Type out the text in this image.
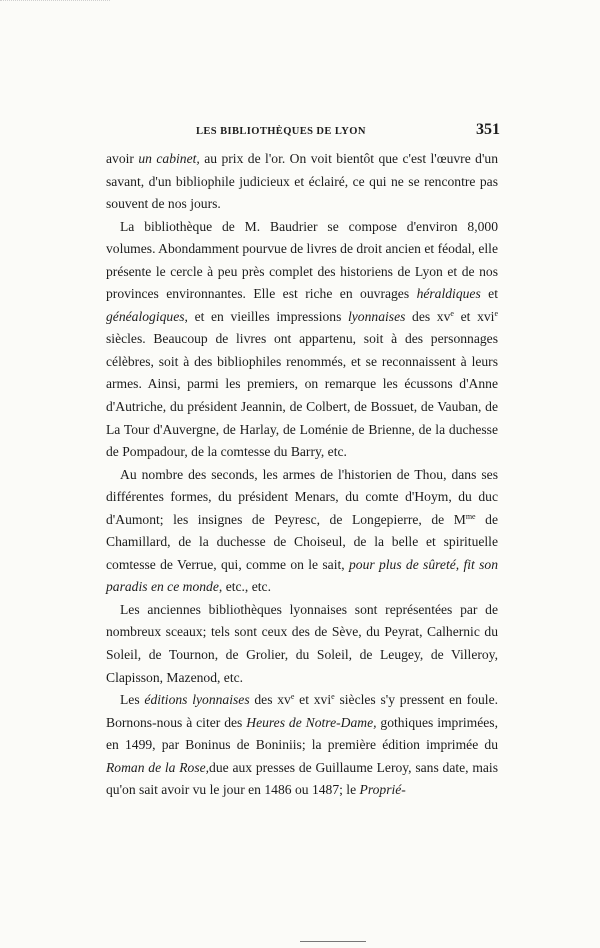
LES BIBLIOTHÈQUES DE LYON	351

avoir un cabinet, au prix de l'or. On voit bientôt que c'est l'œuvre d'un savant, d'un bibliophile judicieux et éclairé, ce qui ne se rencontre pas souvent de nos jours.

La bibliothèque de M. Baudrier se compose d'environ 8,000 volumes. Abondamment pourvue de livres de droit ancien et féodal, elle présente le cercle à peu près complet des historiens de Lyon et de nos provinces environnantes. Elle est riche en ouvrages héraldiques et généalogiques, et en vieilles impressions lyonnaises des $xv^e$ et xvi$^e$ siècles. Beaucoup de livres ont appartenu, soit à des personnages célèbres, soit à des bibliophiles renommés, et se reconnaissent à leurs armes. Ainsi, parmi les premiers, on remarque les écussons d'Anne d'Autriche, du président Jeannin, de Colbert, de Bossuet, de Vauban, de La Tour d'Auvergne, de Harlay, de Loménie de Brienne, de la duchesse de Pompadour, de la comtesse du Barry, etc.

Au nombre des seconds, les armes de l'historien de Thou, dans ses différentes formes, du président Menars, du comte d'Hoym, du duc d'Aumont; les insignes de Peyresc, de Longepierre, de $M^{me}$ de Chamillard, de la duchesse de Choiseul, de la belle et spirituelle comtesse de Verrue, qui, comme on le sait, pour plus de sûreté, fit son paradis en ce monde, etc., etc.

Les anciennes bibliothèques lyonnaises sont représentées par de nombreux sceaux; tels sont ceux des de Sève, du Peyrat, Calhernic du Soleil, de Tournon, de Grolier, du Soleil, de Leugey, de Villeroy, Clapisson, Mazenod, etc.

Les éditions lyonnaises des $xv^e$ et xvi$^e$ siècles s'y pressent en foule. Bornons-nous à citer des Heures de Notre-Dame, gothiques imprimées, en 1499, par Boninus de Boniniis; la première édition imprimée du Roman de la Rose,due aux presses de Guillaume Leroy, sans date, mais qu'on sait avoir vu le jour en 1486 ou 1487; le Proprié-
